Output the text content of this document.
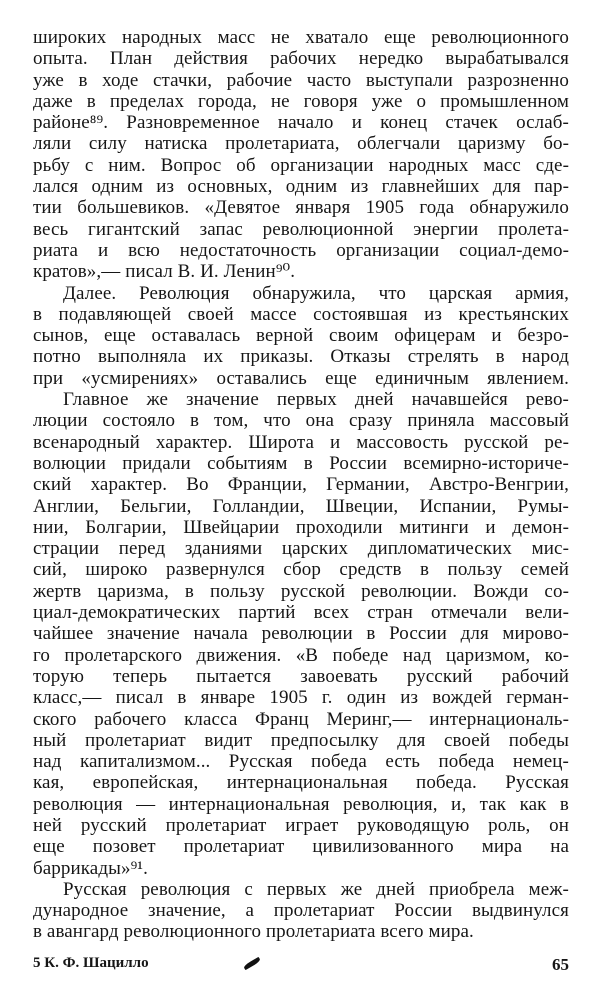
широких народных масс не хватало еще революционного
опыта. План действия рабочих нередко вырабатывался
уже в ходе стачки, рабочие часто выступали разрозненно
даже в пределах города, не говоря уже о промышленном
районе⁸⁹. Разновременное начало и конец стачек ослаб-
ляли силу натиска пролетариата, облегчали царизму бо-
рьбу с ним. Вопрос об организации народных масс сде-
лался одним из основных, одним из главнейших для пар-
тии большевиков. «Девятое января 1905 года обнаружило
весь гигантский запас революционной энергии пролета-
риата и всю недостаточность организации социал-демо-
кратов»,— писал В. И. Ленин⁹⁰.
Далее. Революция обнаружила, что царская армия,
в подавляющей своей массе состоявшая из крестьянских
сынов, еще оставалась верной своим офицерам и безро-
потно выполняла их приказы. Отказы стрелять в народ
при «усмирениях» оставались еще единичным явлением.
Главное же значение первых дней начавшейся рево-
люции состояло в том, что она сразу приняла массовый
всенародный характер. Широта и массовость русской ре-
волюции придали событиям в России всемирно-историче-
ский характер. Во Франции, Германии, Австро-Венгрии,
Англии, Бельгии, Голландии, Швеции, Испании, Румы-
нии, Болгарии, Швейцарии проходили митинги и демон-
страции перед зданиями царских дипломатических мис-
сий, широко развернулся сбор средств в пользу семей
жертв царизма, в пользу русской революции. Вожди со-
циал-демократических партий всех стран отмечали вели-
чайшее значение начала революции в России для мирово-
го пролетарского движения. «В победе над царизмом, ко-
торую теперь пытается завоевать русский рабочий
класс,— писал в январе 1905 г. один из вождей герман-
ского рабочего класса Франц Меринг,— интернациональ-
ный пролетариат видит предпосылку для своей победы
над капитализмом... Русская победа есть победа немец-
кая, европейская, интернациональная победа. Русская
революция — интернациональная революция, и, так как в
ней русский пролетариат играет руководящую роль, он
еще позовет пролетариат цивилизованного мира на
баррикады»⁹¹.
Русская революция с первых же дней приобрела меж-
дународное значение, а пролетариат России выдвинулся
в авангард революционного пролетариата всего мира.
5 К. Ф. Шацилло	65
